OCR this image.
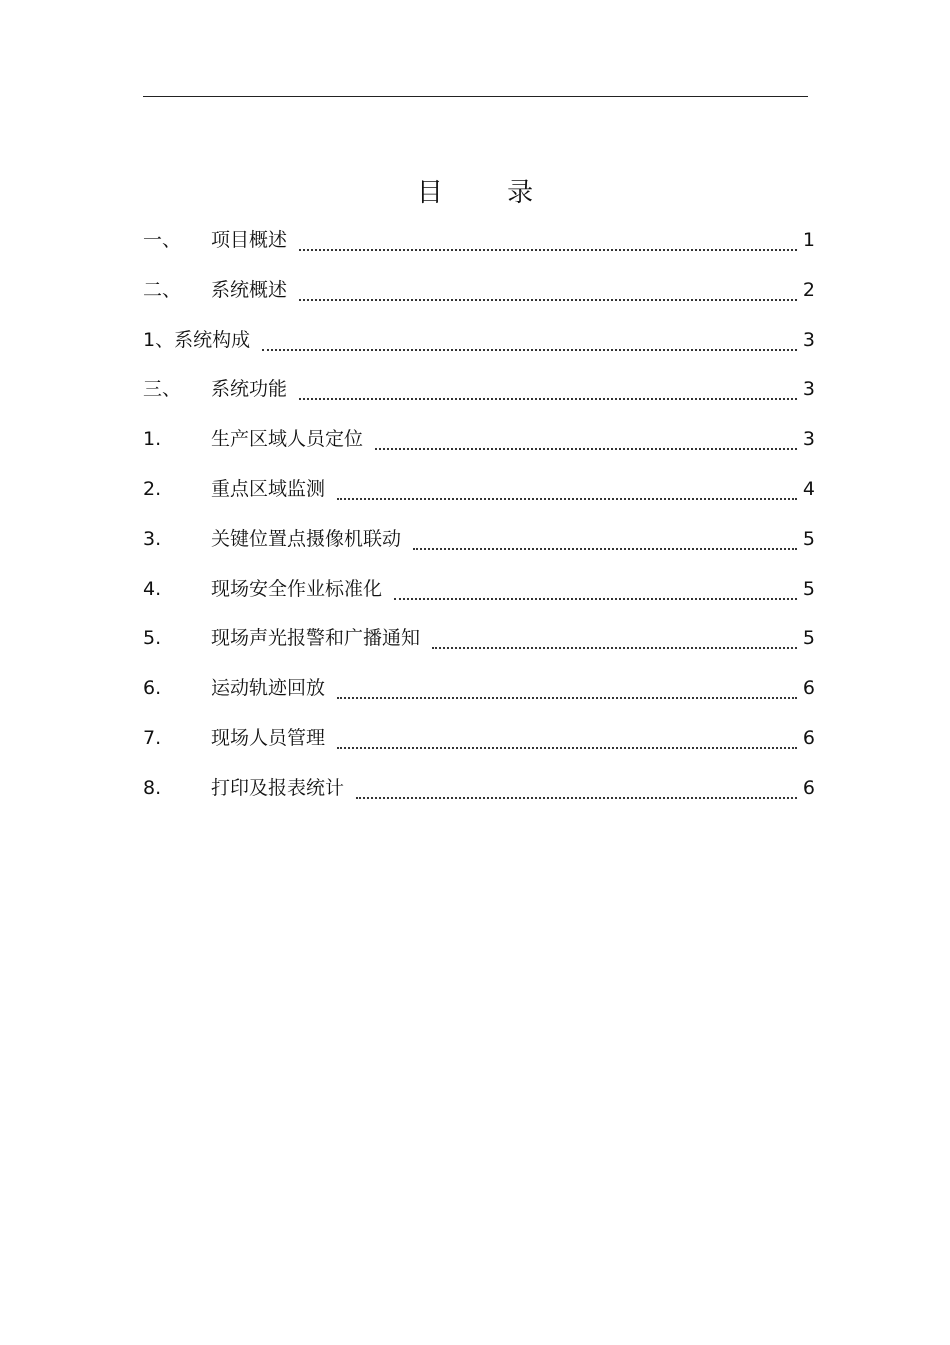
目 录
一、	项目概述	1
二、	系统概述	2
1、 系统构成	3
三、	系统功能	3
1.	生产区域人员定位	3
2.	重点区域监测	4
3.	关键位置点摄像机联动	5
4.	现场安全作业标准化	5
5.	现场声光报警和广播通知	5
6.	运动轨迹回放	6
7.	现场人员管理	6
8.	打印及报表统计	6
